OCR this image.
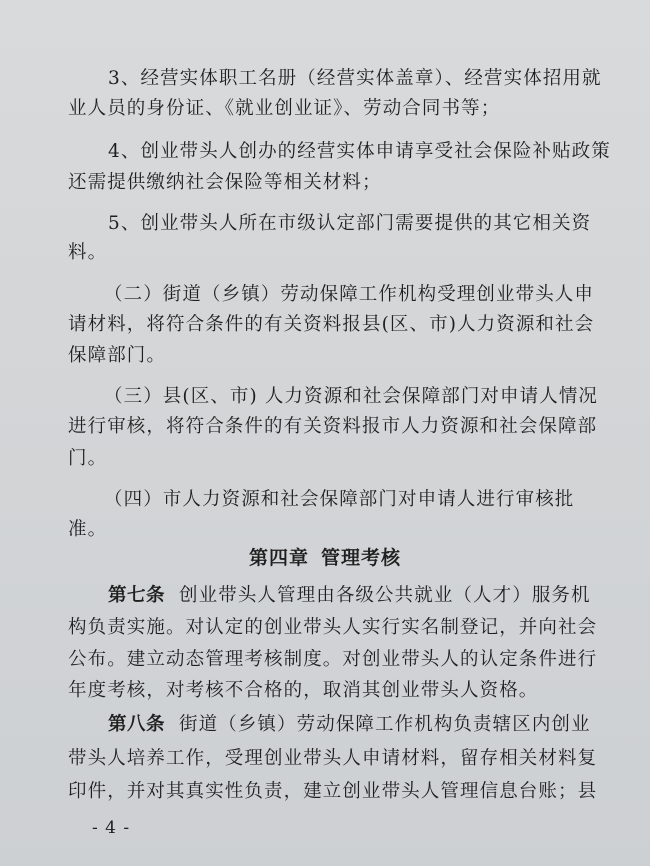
3、经营实体职工名册（经营实体盖章）、经营实体招用就
业人员的身份证、《就业创业证》、劳动合同书等；
4、创业带头人创办的经营实体申请享受社会保险补贴政策
还需提供缴纳社会保险等相关材料；
5、创业带头人所在市级认定部门需要提供的其它相关资
料。
（二）街道（乡镇）劳动保障工作机构受理创业带头人申
请材料，将符合条件的有关资料报县(区、市)人力资源和社会
保障部门。
（三）县(区、市) 人力资源和社会保障部门对申请人情况
进行审核，将符合条件的有关资料报市人力资源和社会保障部
门。
（四）市人力资源和社会保障部门对申请人进行审核批
准。
第四章 管理考核
第七条 创业带头人管理由各级公共就业（人才）服务机
构负责实施。对认定的创业带头人实行实名制登记，并向社会
公布。建立动态管理考核制度。对创业带头人的认定条件进行
年度考核，对考核不合格的，取消其创业带头人资格。
第八条 街道（乡镇）劳动保障工作机构负责辖区内创业
带头人培养工作，受理创业带头人申请材料，留存相关材料复
印件，并对其真实性负责，建立创业带头人管理信息台账；县
- 4 -
